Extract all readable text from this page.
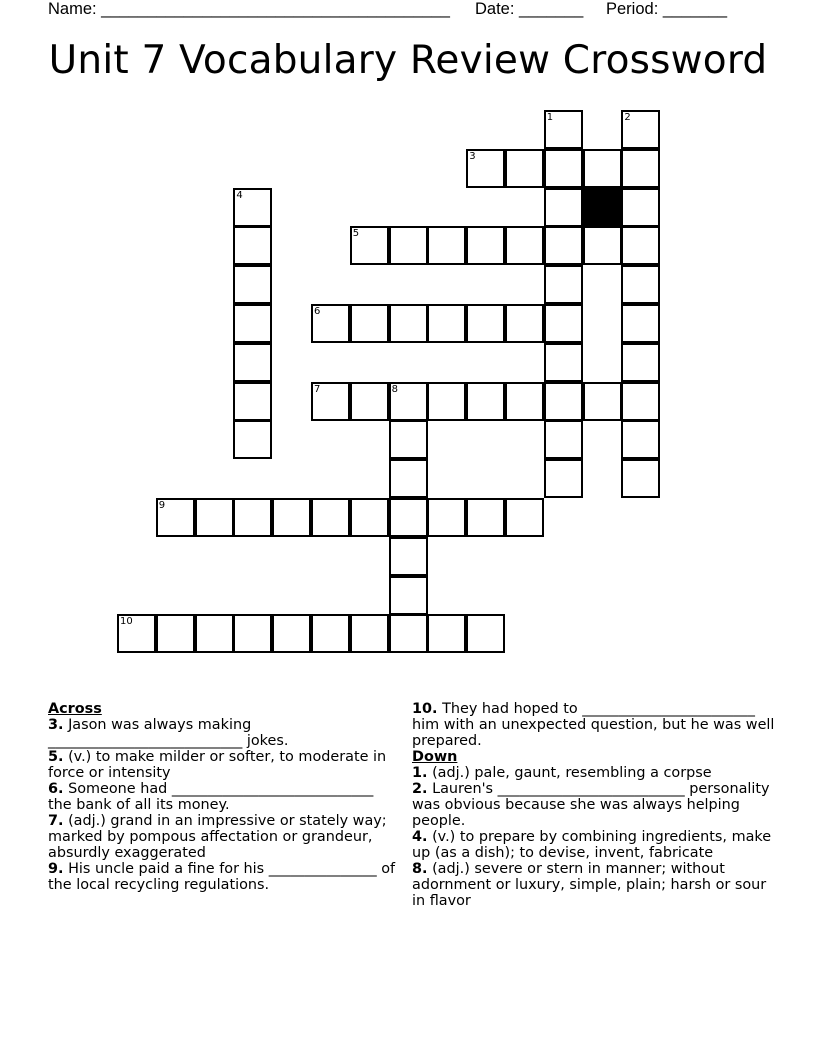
Name: ______________________________________ Date: _______ Period: _______
Unit 7 Vocabulary Review Crossword
3
5
6
7	8
9
10
1	2
4
Across
3. Jason was always making ___________________________ jokes.
5. (v.) to make milder or softer, to moderate in force or intensity
6. Someone had ____________________________ the bank of all its money.
7. (adj.) grand in an impressive or stately way; marked by pompous affectation or grandeur, absurdly exaggerated
9. His uncle paid a fine for his _______________ of the local recycling regulations.
10. They had hoped to ________________________ him with an unexpected question, but he was well prepared.
Down
1. (adj.) pale, gaunt, resembling a corpse
2. Lauren's __________________________ personality was obvious because she was always helping people.
4. (v.) to prepare by combining ingredients, make up (as a dish); to devise, invent, fabricate
8. (adj.) severe or stern in manner; without adornment or luxury, simple, plain; harsh or sour in flavor
